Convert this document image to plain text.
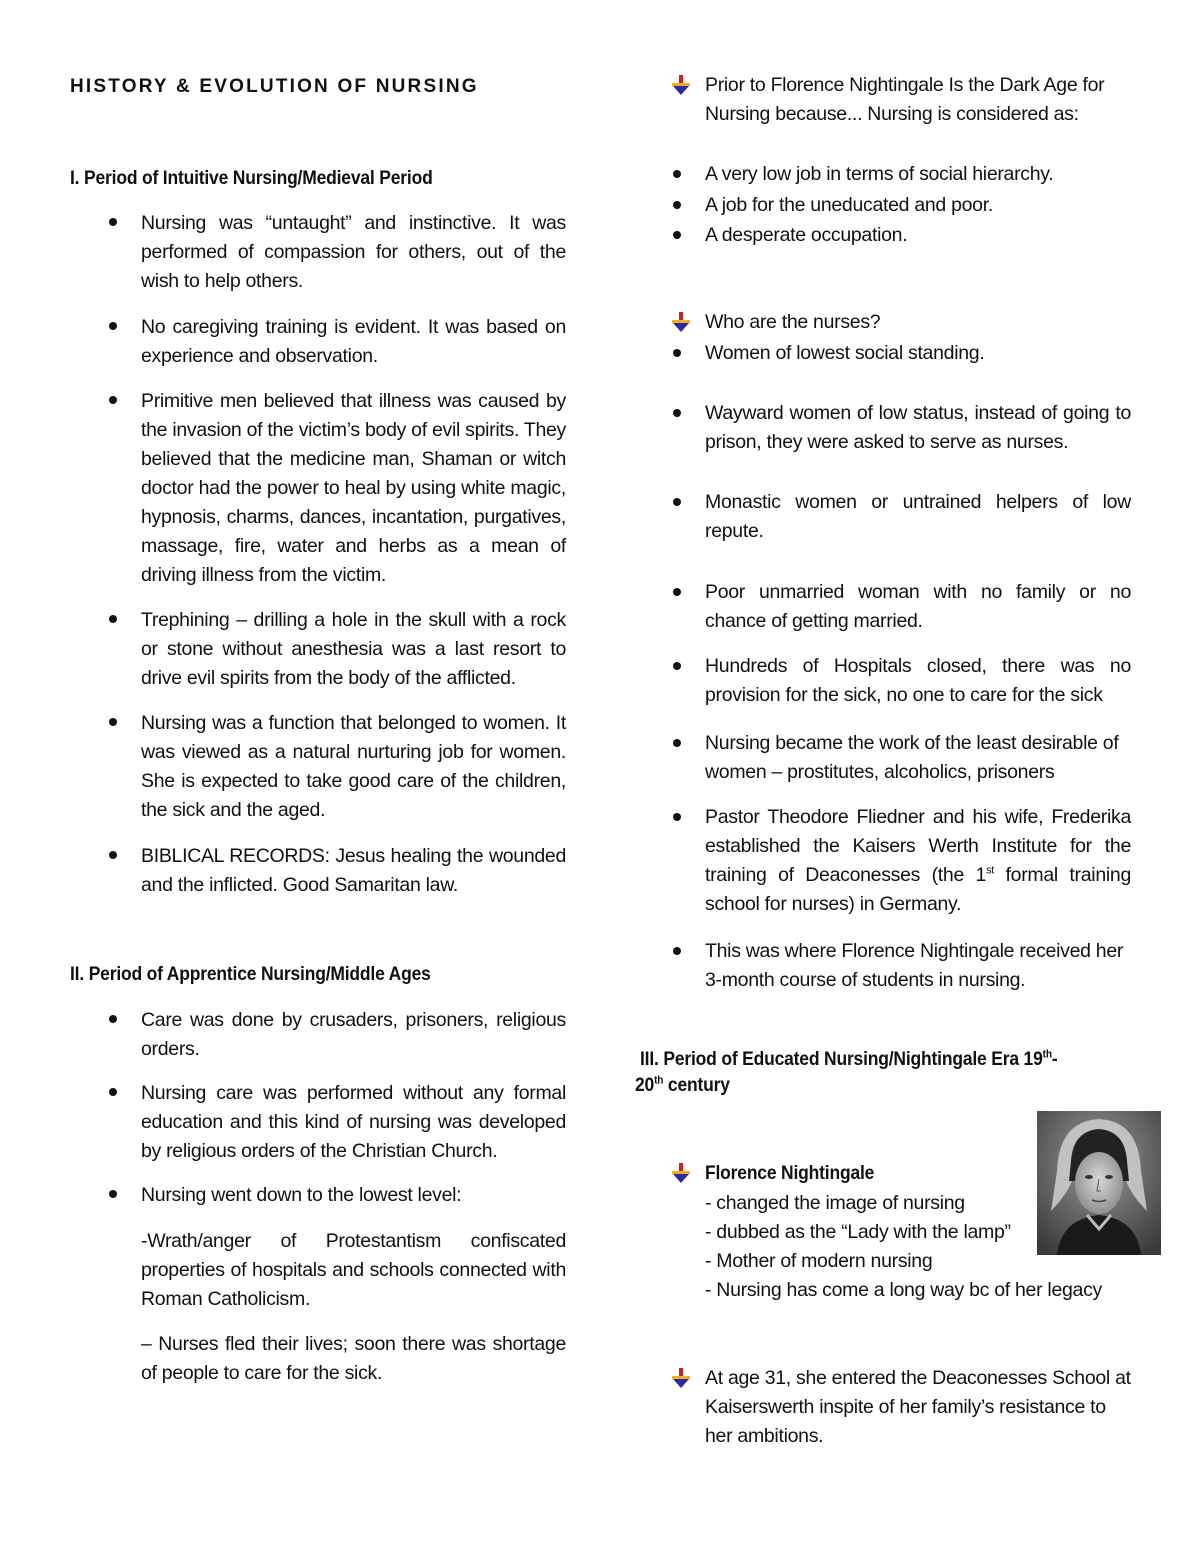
HISTORY & EVOLUTION OF NURSING
I. Period of Intuitive Nursing/Medieval Period
Nursing was “untaught” and instinctive. It was performed of compassion for others, out of the wish to help others.
No caregiving training is evident. It was based on experience and observation.
Primitive men believed that illness was caused by the invasion of the victim’s body of evil spirits. They believed that the medicine man, Shaman or witch doctor had the power to heal by using white magic, hypnosis, charms, dances, incantation, purgatives, massage, fire, water and herbs as a mean of driving illness from the victim.
Trephining – drilling a hole in the skull with a rock or stone without anesthesia was a last resort to drive evil spirits from the body of the afflicted.
Nursing was a function that belonged to women. It was viewed as a natural nurturing job for women. She is expected to take good care of the children, the sick and the aged.
BIBLICAL RECORDS: Jesus healing the wounded and the inflicted. Good Samaritan law.
II. Period of Apprentice Nursing/Middle Ages
Care was done by crusaders, prisoners, religious orders.
Nursing care was performed without any formal education and this kind of nursing was developed by religious orders of the Christian Church.
Nursing went down to the lowest level:
-Wrath/anger of Protestantism confiscated properties of hospitals and schools connected with Roman Catholicism.
– Nurses fled their lives; soon there was shortage of people to care for the sick.
Prior to Florence Nightingale Is the Dark Age for Nursing because... Nursing is considered as:
A very low job in terms of social hierarchy.
A job for the uneducated and poor.
A desperate occupation.
Who are the nurses?
Women of lowest social standing.
Wayward women of low status, instead of going to prison, they were asked to serve as nurses.
Monastic women or untrained helpers of low repute.
Poor unmarried woman with no family or no chance of getting married.
Hundreds of Hospitals closed, there was no provision for the sick, no one to care for the sick
Nursing became the work of the least desirable of women – prostitutes, alcoholics, prisoners
Pastor Theodore Fliedner and his wife, Frederika established the Kaisers Werth Institute for the training of Deaconesses (the 1st formal training school for nurses) in Germany.
This was where Florence Nightingale received her 3-month course of students in nursing.
III. Period of Educated Nursing/Nightingale Era 19th-
20th century
Florence Nightingale
- changed the image of nursing
- dubbed as the “Lady with the lamp”
- Mother of modern nursing
- Nursing has come a long way bc of her legacy
At age 31, she entered the Deaconesses School at Kaiserswerth inspite of her family’s resistance to her ambitions.
